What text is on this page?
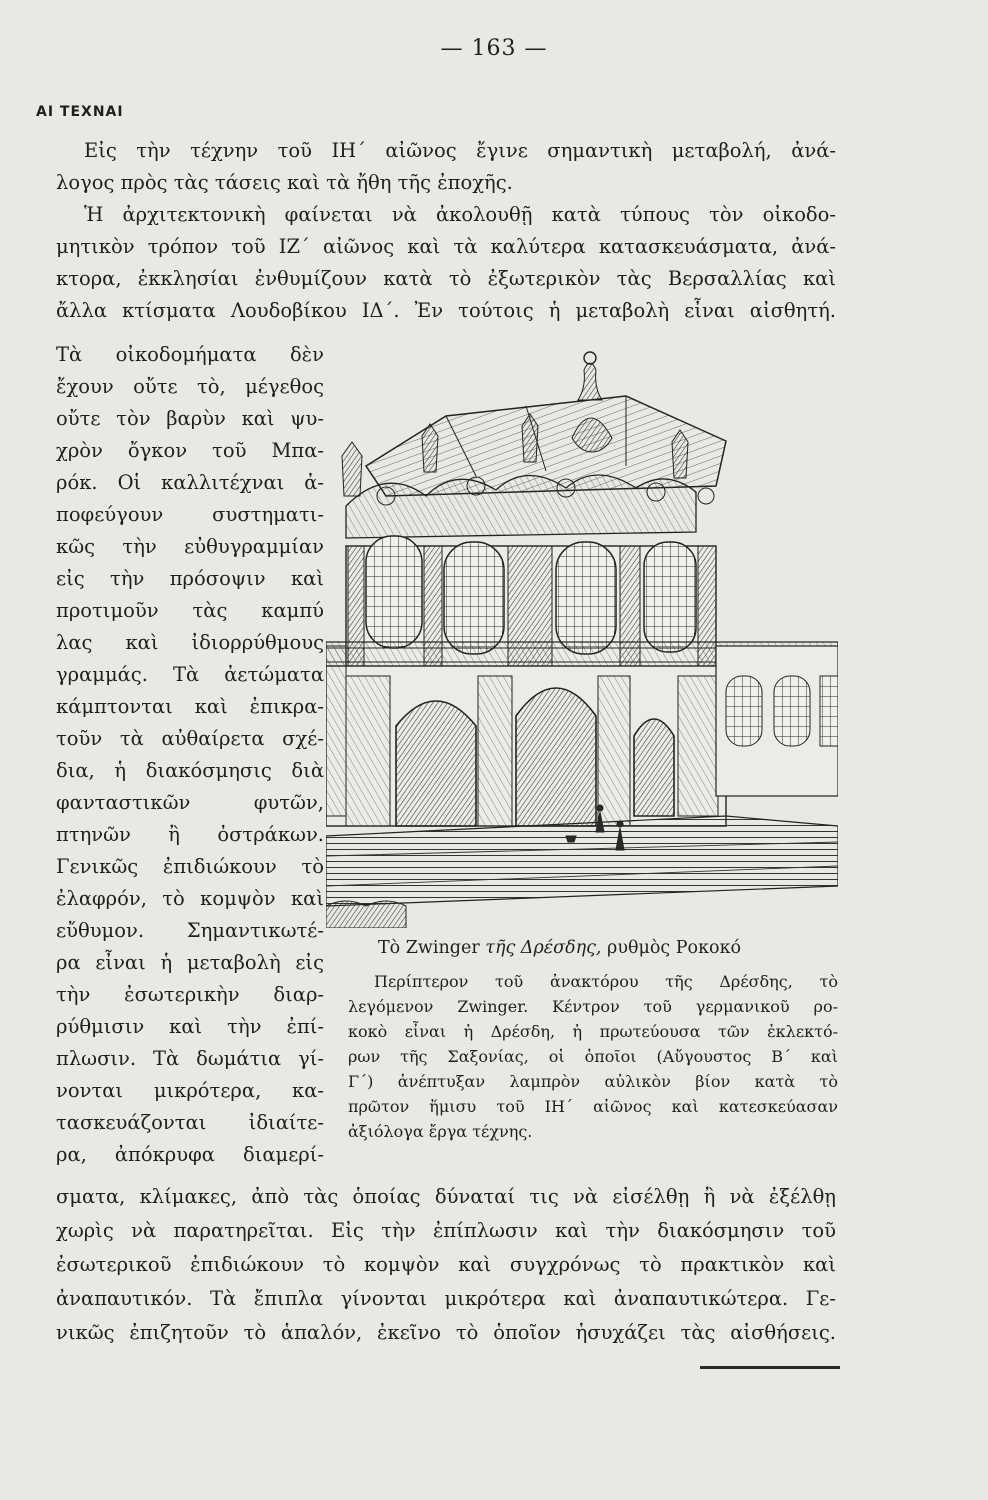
— 163 —
ΑΙ ΤΕΧΝΑΙ
Εἰς τὴν τέχνην τοῦ ΙΗ΄ αἰῶνος ἔγινε σημαντικὴ μεταβολή, ἀνά-
λογος πρὸς τὰς τάσεις καὶ τὰ ἤθη τῆς ἐποχῆς.
Ἡ ἀρχιτεκτονικὴ φαίνεται νὰ ἀκολουθῇ κατὰ τύπους τὸν οἰκοδο-
μητικὸν τρόπον τοῦ ΙΖ΄ αἰῶνος καὶ τὰ καλύτερα κατασκευάσματα, ἀνά-
κτορα, ἐκκλησίαι ἐνθυμίζουν κατὰ τὸ ἐξωτερικὸν τὰς Βερσαλλίας καὶ
ἄλλα κτίσματα Λουδοβίκου ΙΔ΄. Ἐν τούτοις ἡ μεταβολὴ εἶναι αἰσθητή.
Τὰ οἰκοδομήματα δὲν
ἔχουν οὔτε τὸ, μέγεθος
οὔτε τὸν βαρὺν καὶ ψυ-
χρὸν ὄγκον τοῦ Μπα-
ρόκ. Οἱ καλλιτέχναι ἀ-
ποφεύγουν συστηματι-
κῶς τὴν εὐθυγραμμίαν
εἰς τὴν πρόσοψιν καὶ
προτιμοῦν τὰς καμπύ
λας καὶ ἰδιορρύθμους
γραμμάς. Τὰ ἀετώματα
κάμπτονται καὶ ἐπικρα-
τοῦν τὰ αὐθαίρετα σχέ-
δια, ἡ διακόσμησις διὰ
φανταστικῶν φυτῶν,
πτηνῶν ἢ ὀστράκων.
Γενικῶς ἐπιδιώκουν τὸ
ἐλαφρόν, τὸ κομψὸν καὶ
εὔθυμον. Σημαντικωτέ-
ρα εἶναι ἡ μεταβολὴ εἰς
τὴν ἐσωτερικὴν διαρ-
ρύθμισιν καὶ τὴν ἐπί-
πλωσιν. Τὰ δωμάτια γί-
νονται μικρότερα, κα-
τασκευάζονται ἰδιαίτε-
ρα, ἀπόκρυφα διαμερί-
Τὸ Zwinger τῆς Δρέσδης, ρυθμὸς Ροκοκό
Περίπτερον τοῦ ἀνακτόρου τῆς Δρέσδης, τὸ
λεγόμενον Zwinger. Κέντρον τοῦ γερμανικοῦ ρο-
κοκὸ εἶναι ἡ Δρέσδη, ἡ πρωτεύουσα τῶν ἐκλεκτό-
ρων τῆς Σαξονίας, οἱ ὁποῖοι (Αὔγουστος Β΄ καὶ
Γ΄) ἀνέπτυξαν λαμπρὸν αὐλικὸν βίον κατὰ τὸ
πρῶτον ἥμισυ τοῦ ΙΗ΄ αἰῶνος καὶ κατεσκεύασαν
ἀξιόλογα ἔργα τέχνης.
σματα, κλίμακες, ἀπὸ τὰς ὁποίας δύναταί τις νὰ εἰσέλθῃ ἢ νὰ ἐξέλθῃ
χωρὶς νὰ παρατηρεῖται. Εἰς τὴν ἐπίπλωσιν καὶ τὴν διακόσμησιν τοῦ
ἐσωτερικοῦ ἐπιδιώκουν τὸ κομψὸν καὶ συγχρόνως τὸ πρακτικὸν καὶ
ἀναπαυτικόν. Τὰ ἔπιπλα γίνονται μικρότερα καὶ ἀναπαυτικώτερα. Γε-
νικῶς ἐπιζητοῦν τὸ ἁπαλόν, ἐκεῖνο τὸ ὁποῖον ἡσυχάζει τὰς αἰσθήσεις.
